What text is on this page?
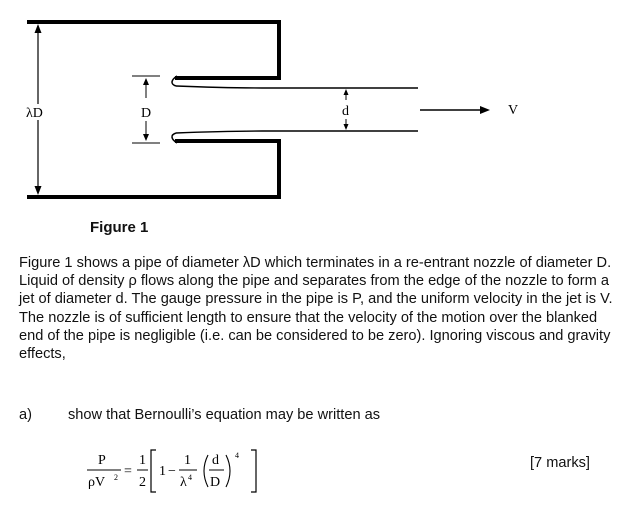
λD	D	d	V
Figure 1

Figure 1 shows a pipe of diameter λD which terminates in a re-entrant nozzle of diameter D. Liquid of density ρ flows along the pipe and separates from the edge of the nozzle to form a jet of diameter d. The gauge pressure in the pipe is P, and the uniform velocity in the jet is V. The nozzle is of sufficient length to ensure that the velocity of the motion over the blanked end of the pipe is negligible (i.e. can be considered to be zero). Ignoring viscous and gravity effects,

a) show that Bernoulli’s equation may be written as
P
ρV 2 =
1
2
1 −
1
λ 4
d
D
4	[7 marks]
